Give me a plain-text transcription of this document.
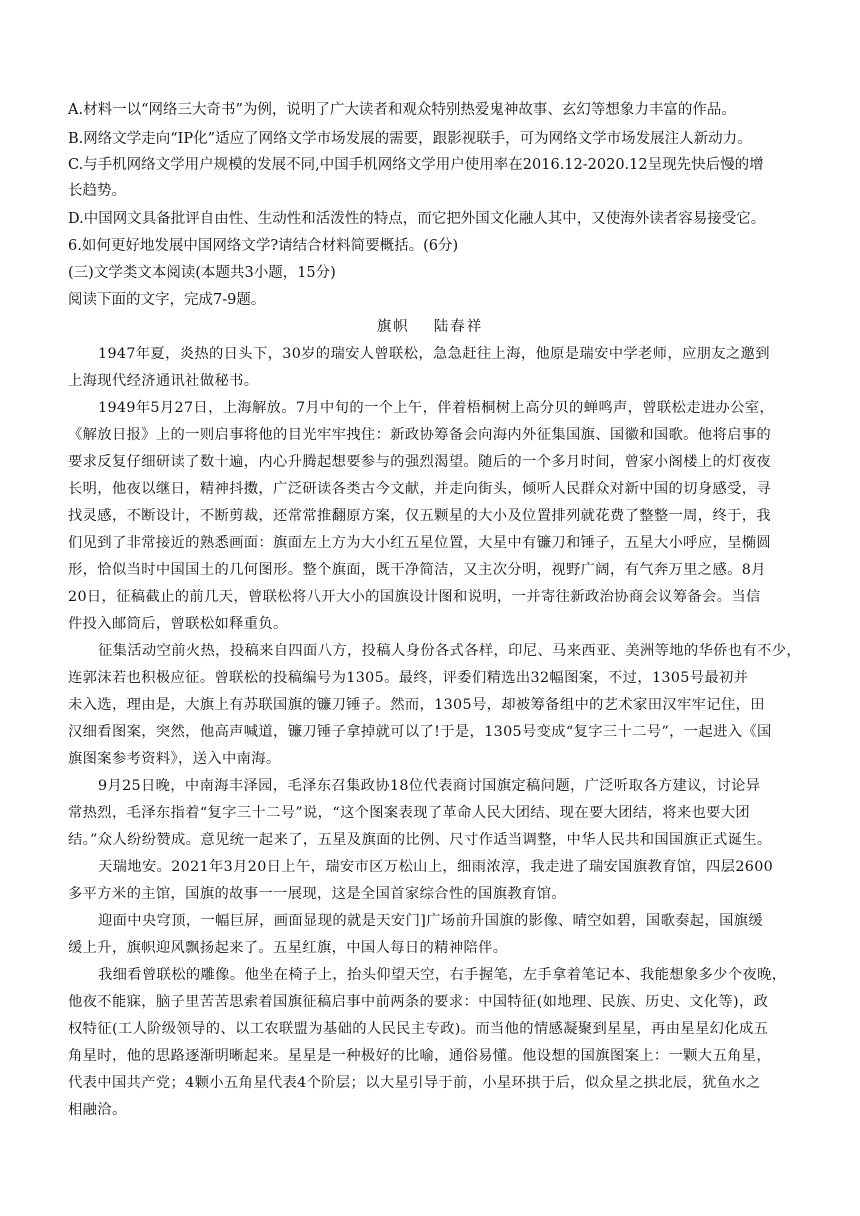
A.材料一以“网络三大奇书”为例，说明了广大读者和观众特别热爱鬼神故事、玄幻等想象力丰富的作品。
B.网络文学走向“IP化”适应了网络文学市场发展的需要，跟影视联手，可为网络文学市场发展注人新动力。
C.与手机网络文学用户规模的发展不同,中国手机网络文学用户使用率在2016.12-2020.12呈现先快后慢的增
长趋势。
D.中国网文具备批评自由性、生动性和活泼性的特点，而它把外国文化融人其中，又使海外读者容易接受它。
6.如何更好地发展中国网络文学?请结合材料简要概括。(6分)
(三)文学类文本阅读(本题共3小题，15分)
阅读下面的文字，完成7-9题。
旗帜 陆春祥
1947年夏，炎热的日头下，30岁的瑞安人曾联松，急急赶往上海，他原是瑞安中学老师，应朋友之邀到
上海现代经济通讯社做秘书。
1949年5月27日，上海解放。7月中旬的一个上午，伴着梧桐树上高分贝的蝉鸣声，曾联松走进办公室，
《解放日报》上的一则启事将他的目光牢牢拽住：新政协筹备会向海内外征集国旗、国徽和国歌。他将启事的
要求反复仔细研读了数十遍，内心升腾起想要参与的强烈渴望。随后的一个多月时间，曾家小阁楼上的灯夜夜
长明，他夜以继日，精神抖擞，广泛研读各类古今文献，并走向街头，倾听人民群众对新中国的切身感受，寻
找灵感，不断设计，不断剪裁，还常常推翻原方案，仅五颗星的大小及位置排列就花费了整整一周，终于，我
们见到了非常接近的熟悉画面：旗面左上方为大小红五星位置，大星中有镰刀和锤子，五星大小呼应，呈椭圆
形，恰似当时中国国土的几何图形。整个旗面，既干净简洁，又主次分明，视野广阔，有气奔万里之感。8月
20日，征稿截止的前几天，曾联松将八开大小的国旗设计图和说明，一并寄往新政治协商会议筹备会。当信
件投入邮筒后，曾联松如释重负。
征集活动空前火热，投稿来自四面八方，投稿人身份各式各样，印尼、马来西亚、美洲等地的华侨也有不少，
连郭沫若也积极应征。曾联松的投稿编号为1305。最终，评委们精选出32幅图案，不过，1305号最初并
未入选，理由是，大旗上有苏联国旗的镰刀锤子。然而，1305号，却被筹备组中的艺术家田汉牢牢记住，田
汉细看图案，突然，他高声喊道，镰刀锤子拿掉就可以了!于是，1305号变成“复字三十二号”，一起进入《国
旗图案参考资料》，送入中南海。
9月25日晚，中南海丰泽园，毛泽东召集政协18位代表商讨国旗定稿问题，广泛听取各方建议，讨论异
常热烈，毛泽东指着“复字三十二号”说，“这个图案表现了革命人民大团结、现在要大团结，将来也要大团
结。”众人纷纷赞成。意见统一起来了，五星及旗面的比例、尺寸作适当调整，中华人民共和国国旗正式诞生。
天瑞地安。2021年3月20日上午，瑞安市区万松山上，细雨浓淳，我走进了瑞安国旗教育馆，四层2600
多平方米的主馆，国旗的故事一一展现，这是全国首家综合性的国旗教育馆。
迎面中央穹顶，一幅巨屏，画面显现的就是天安门]广场前升国旗的影像、晴空如碧，国歌奏起，国旗缓
缓上升，旗帜迎风飘扬起来了。五星红旗，中国人每日的精神陪伴。
我细看曾联松的雕像。他坐在椅子上，抬头仰望天空，右手握笔，左手拿着笔记本、我能想象多少个夜晚，
他夜不能寐，脑子里苦苦思索着国旗征稿启事中前两条的要求：中国特征(如地理、民族、历史、文化等)，政
权特征(工人阶级领导的、以工农联盟为基础的人民民主专政)。而当他的情感凝聚到星星，再由星星幻化成五
角星时，他的思路逐渐明晰起来。星星是一种极好的比喻，通俗易懂。他设想的国旗图案上：一颗大五角星，
代表中国共产党；4颗小五角星代表4个阶层；以大星引导于前，小星环拱于后，似众星之拱北辰，犹鱼水之
相融洽。
